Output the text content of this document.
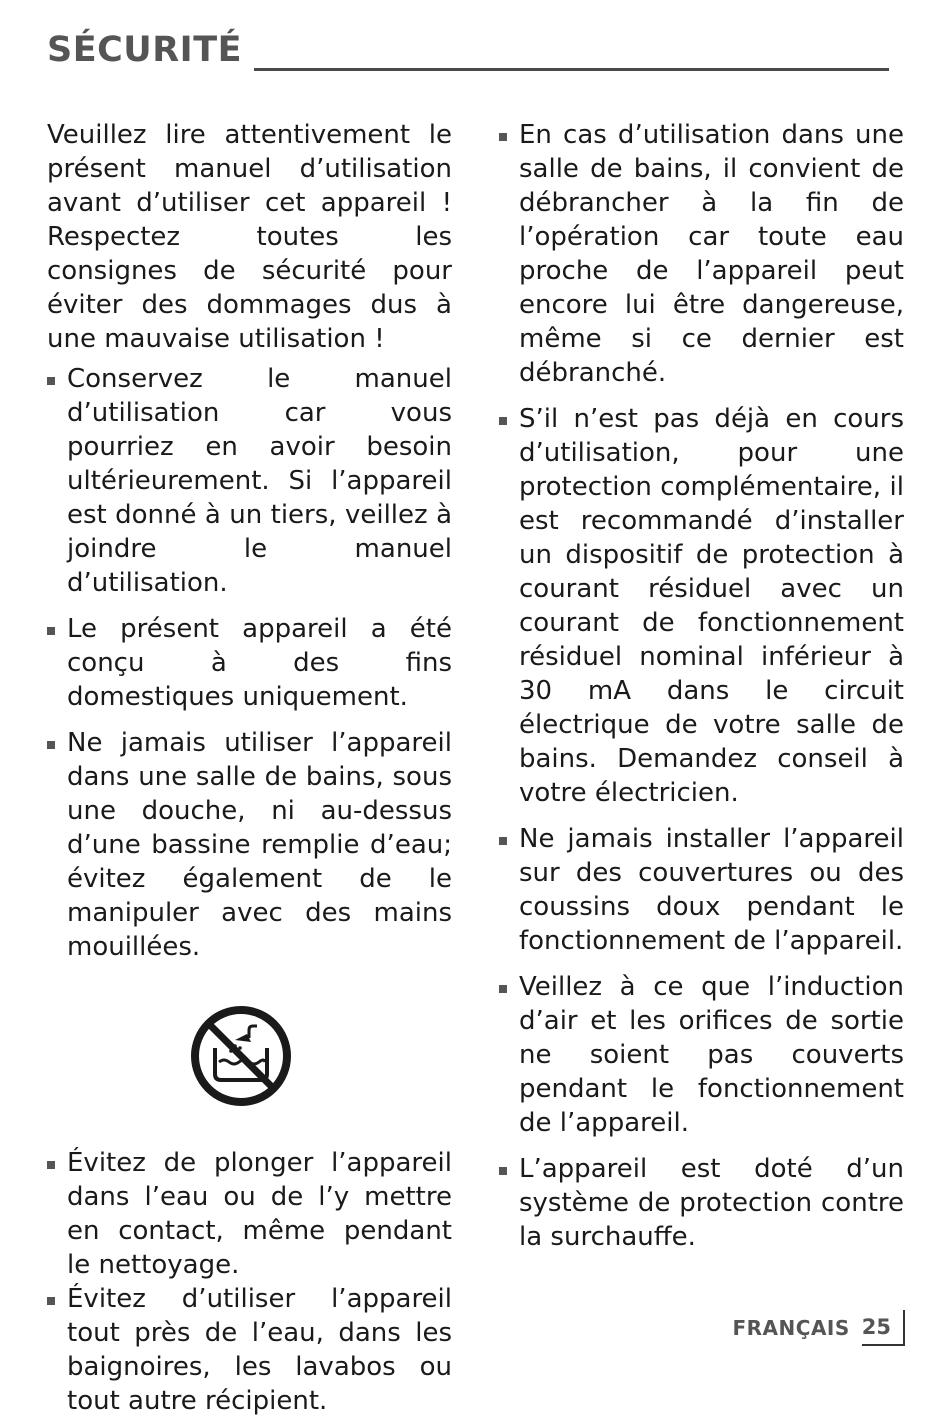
SÉCURITÉ

Veuillez lire attentivement le présent manuel d’utilisation avant d’utiliser cet appareil ! Respectez toutes les consignes de sécurité pour éviter des dommages dus à une mauvaise utilisation !

Conservez le manuel d’utilisation car vous pourriez en avoir besoin ultérieurement. Si l’appareil est donné à un tiers, veillez à joindre le manuel d’utilisation.
Le présent appareil a été conçu à des fins domestiques uniquement.
Ne jamais utiliser l’appareil dans une salle de bains, sous une douche, ni au-dessus d’une bassine remplie d’eau; évitez également de le manipuler avec des mains mouillées.
Évitez de plonger l’appareil dans l’eau ou de l’y mettre en contact, même pendant le nettoyage.
Évitez d’utiliser l’appareil tout près de l’eau, dans les baignoires, les lavabos ou tout autre récipient.
En cas d’utilisation dans une salle de bains, il convient de débrancher à la fin de l’opération car toute eau proche de l’appareil peut encore lui être dangereuse, même si ce dernier est débranché.
S’il n’est pas déjà en cours d’utilisation, pour une protection complémentaire, il est recommandé d’installer un dispositif de protection à courant résiduel avec un courant de fonctionnement résiduel nominal inférieur à 30 mA dans le circuit électrique de votre salle de bains. Demandez conseil à votre électricien.
Ne jamais installer l’appareil sur des couvertures ou des coussins doux pendant le fonctionnement de l’appareil.
Veillez à ce que l’induction d’air et les orifices de sortie ne soient pas couverts pendant le fonctionnement de l’appareil.
L’appareil est doté d’un système de protection contre la surchauffe.
FRANÇAIS 25
